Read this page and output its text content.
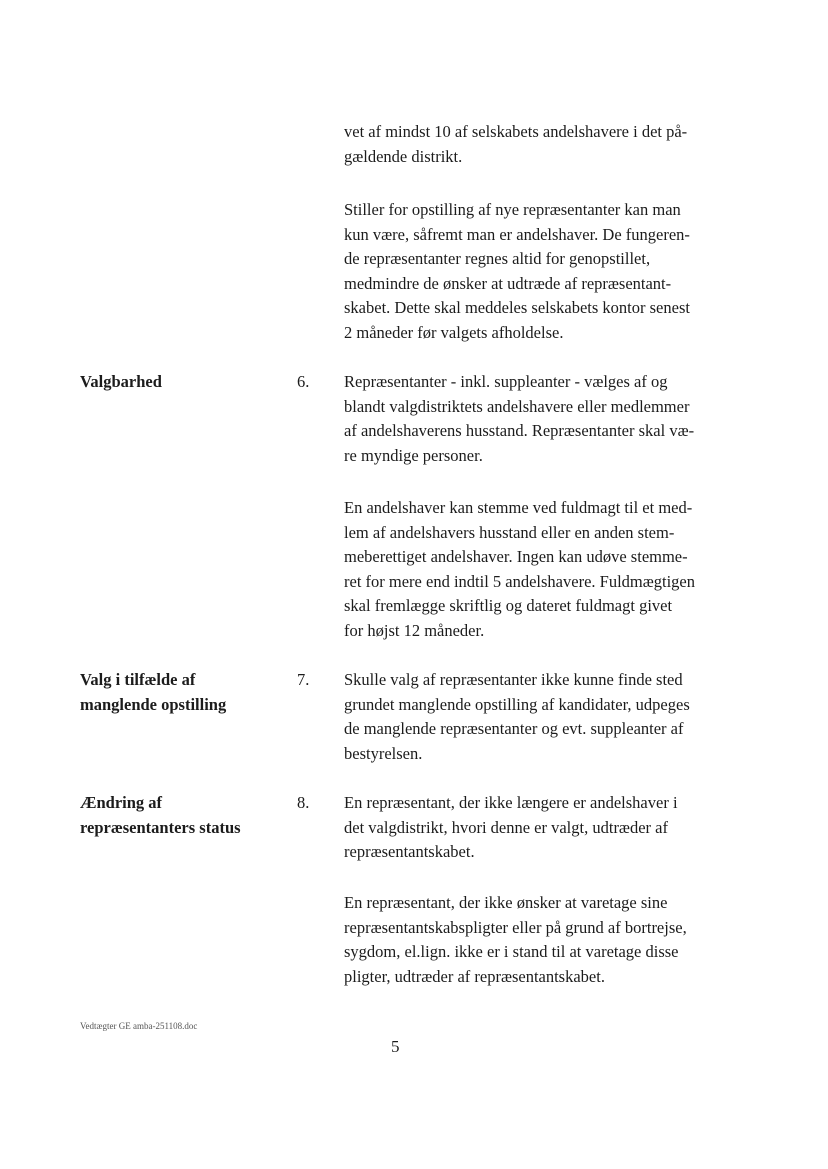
vet af mindst 10 af selskabets andelshavere i det på-
gældende distrikt.
Stiller for opstilling af nye repræsentanter kan man
kun være, såfremt man er andelshaver. De fungeren-
de repræsentanter regnes altid for genopstillet,
medmindre de ønsker at udtræde af repræsentant-
skabet. Dette skal meddeles selskabets kontor senest
2 måneder før valgets afholdelse.
Valgbarhed	6.	Repræsentanter - inkl. suppleanter - vælges af og
blandt valgdistriktets andelshavere eller medlemmer
af andelshaverens husstand. Repræsentanter skal væ-
re myndige personer.
En andelshaver kan stemme ved fuldmagt til et med-
lem af andelshavers husstand eller en anden stem-
meberettiget andelshaver. Ingen kan udøve stemme-
ret for mere end indtil 5 andelshavere. Fuldmægtigen
skal fremlægge skriftlig og dateret fuldmagt givet
for højst 12 måneder.
Valg i tilfælde af
manglende opstilling
7.	Skulle valg af repræsentanter ikke kunne finde sted
grundet manglende opstilling af kandidater, udpeges
de manglende repræsentanter og evt. suppleanter af
bestyrelsen.
Ændring af
repræsentanters status
8.	En repræsentant, der ikke længere er andelshaver i
det valgdistrikt, hvori denne er valgt, udtræder af
repræsentantskabet.
En repræsentant, der ikke ønsker at varetage sine
repræsentantskabspligter eller på grund af bortrejse,
sygdom, el.lign. ikke er i stand til at varetage disse
pligter, udtræder af repræsentantskabet.
Vedtægter GE amba-251108.doc
5
